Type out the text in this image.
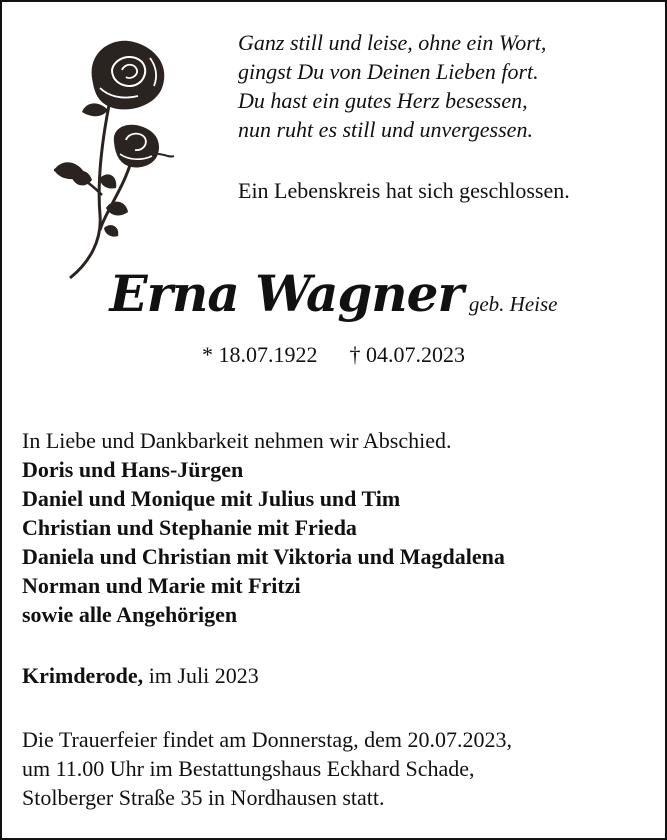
Ganz still und leise, ohne ein Wort,
gingst Du von Deinen Lieben fort.
Du hast ein gutes Herz besessen,
nun ruht es still und unvergessen.
Ein Lebenskreis hat sich geschlossen.
Erna Wagner geb. Heise
* 18.07.1922 † 04.07.2023
In Liebe und Dankbarkeit nehmen wir Abschied.
Doris und Hans-Jürgen
Daniel und Monique mit Julius und Tim
Christian und Stephanie mit Frieda
Daniela und Christian mit Viktoria und Magdalena
Norman und Marie mit Fritzi
sowie alle Angehörigen
Krimderode, im Juli 2023
Die Trauerfeier findet am Donnerstag, dem 20.07.2023,
um 11.00 Uhr im Bestattungshaus Eckhard Schade,
Stolberger Straße 35 in Nordhausen statt.
